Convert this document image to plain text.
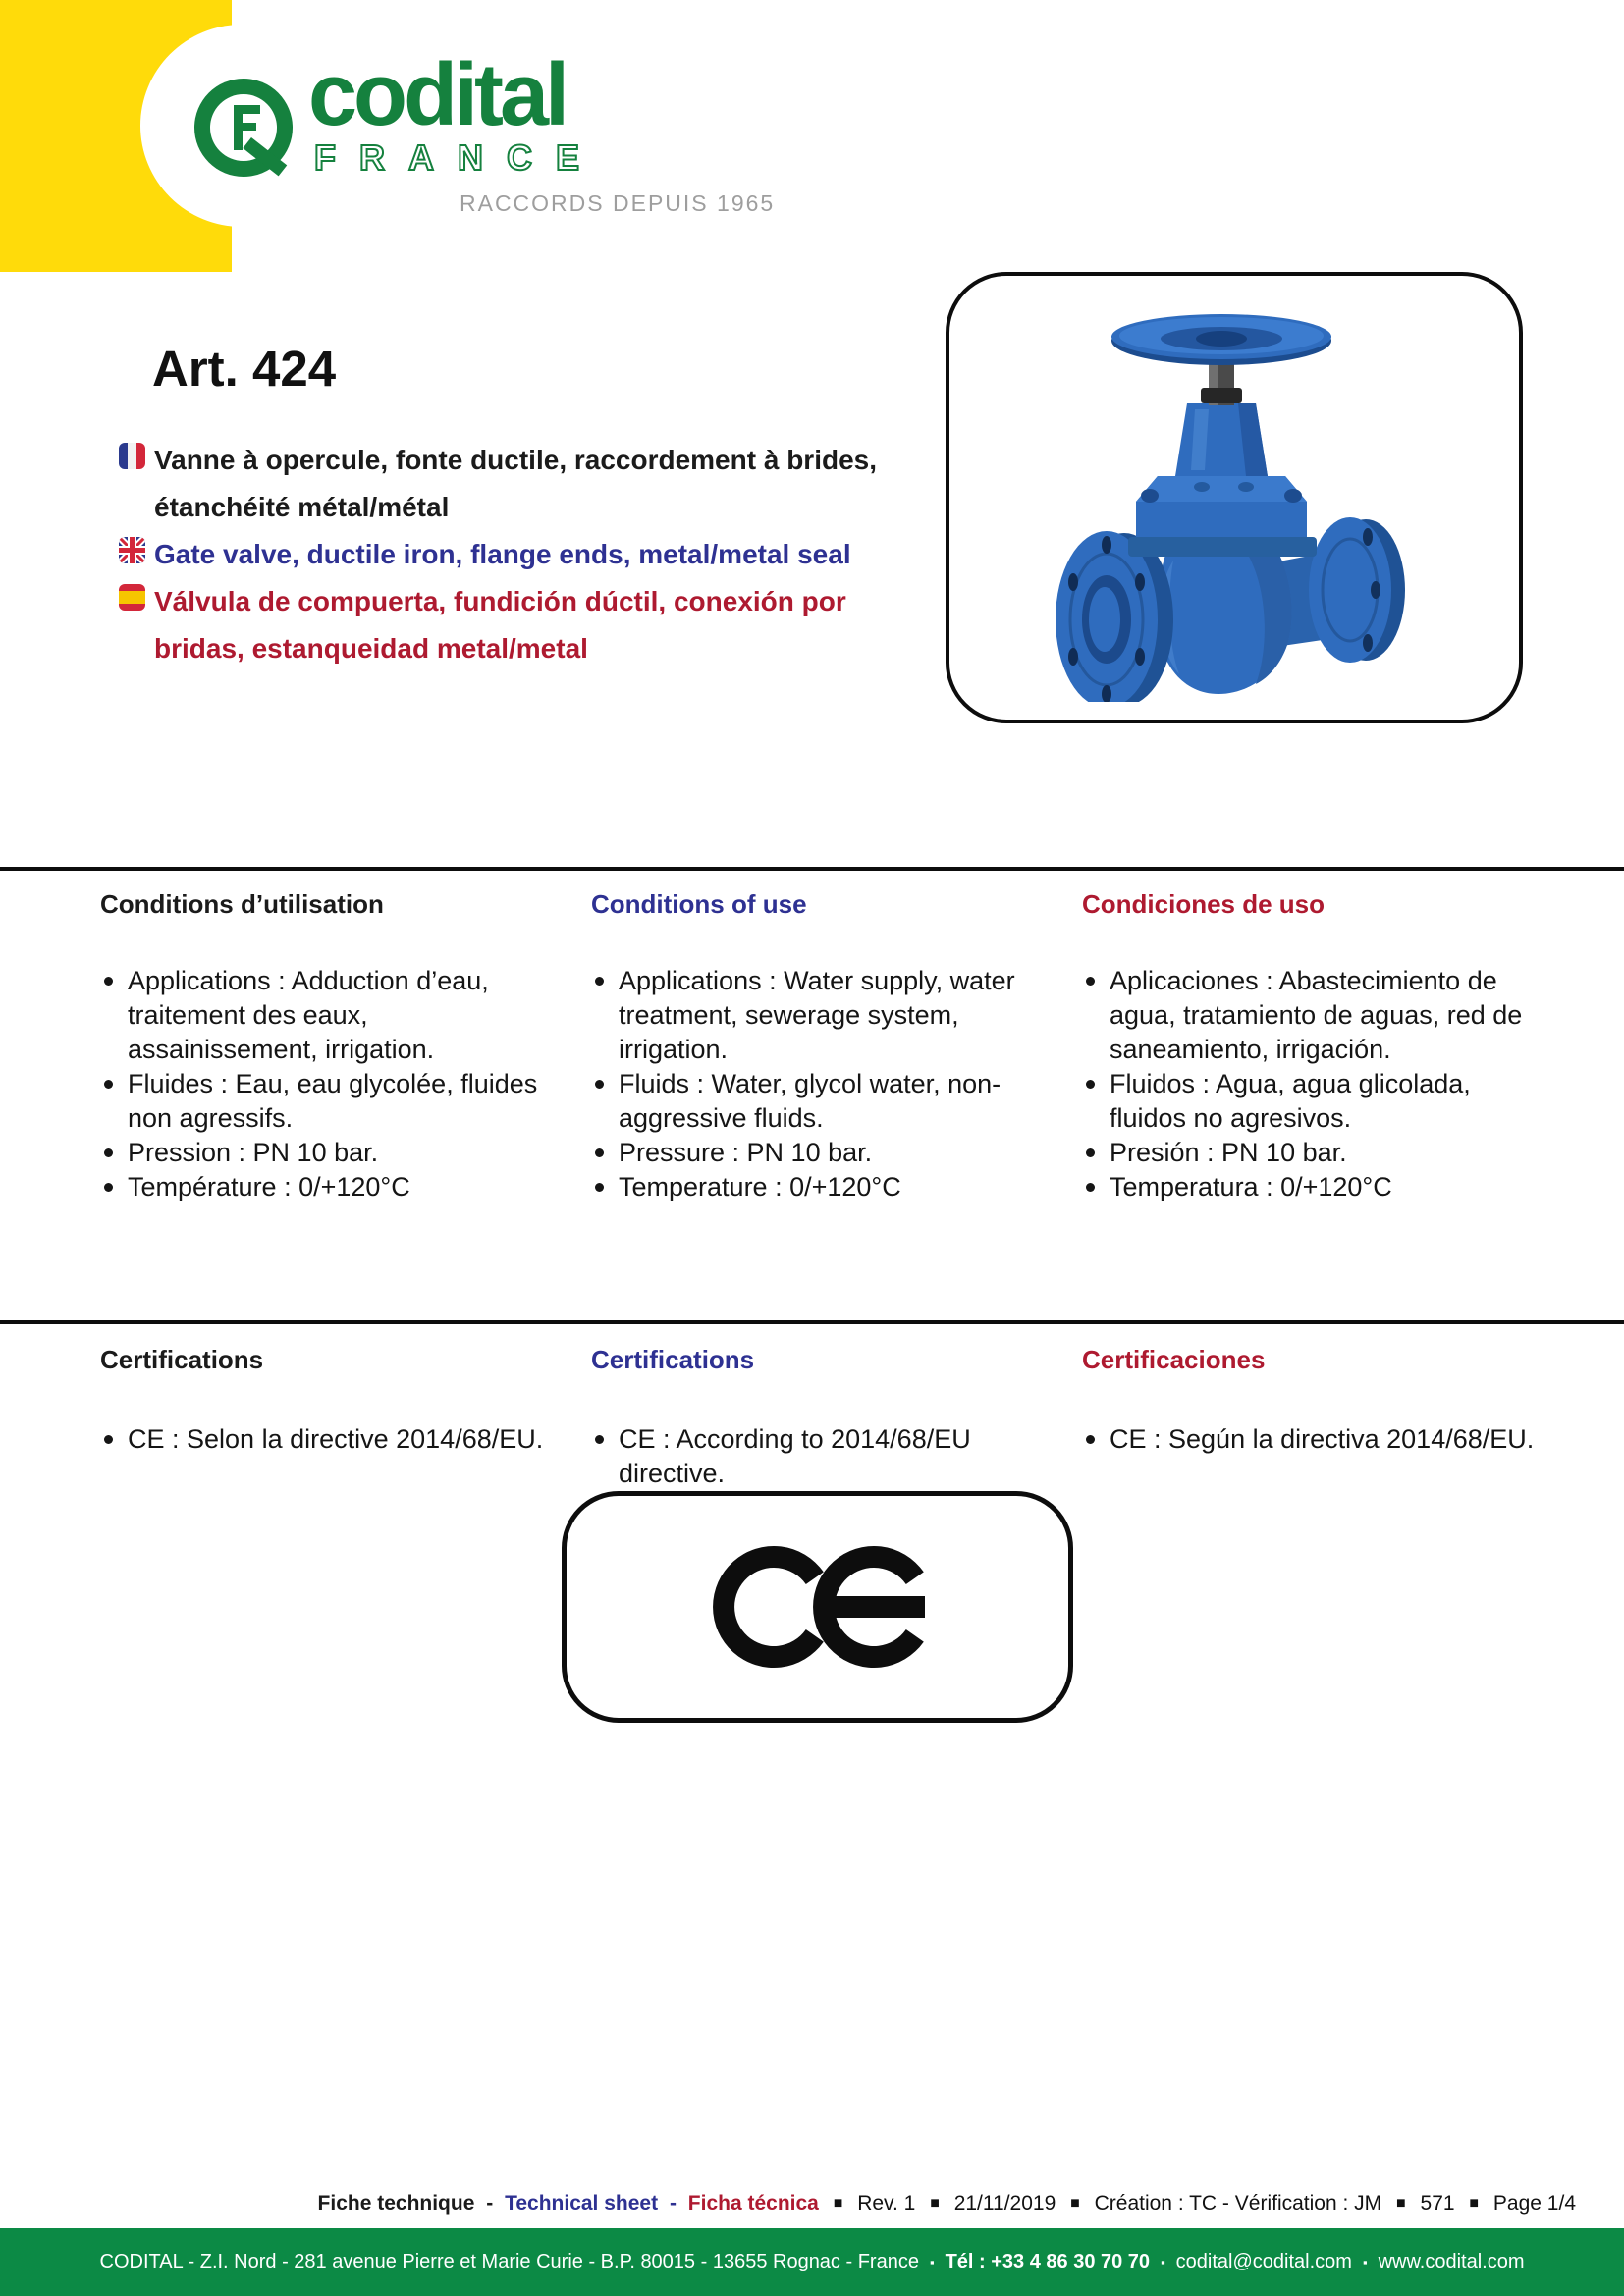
codital
FRANCE
RACCORDS DEPUIS 1965
Art. 424
Vanne à opercule, fonte ductile, raccordement à brides,
étanchéité métal/métal
Gate valve, ductile iron, flange ends, metal/metal seal
Válvula de compuerta, fundición dúctil, conexión por
bridas, estanqueidad metal/metal
Conditions d’utilisation
Applications : Adduction d’eau, traitement des eaux, assainissement, irrigation.
Fluides : Eau, eau glycolée, fluides non agressifs.
Pression : PN 10 bar.
Température : 0/+120°C
Conditions of use
Applications : Water supply, water treatment, sewerage system, irrigation.
Fluids : Water, glycol water, non-aggressive fluids.
Pressure : PN 10 bar.
Temperature : 0/+120°C
Condiciones de uso
Aplicaciones : Abastecimiento de agua, tratamiento de aguas, red de saneamiento, irrigación.
Fluidos : Agua, agua glicolada, fluidos no agresivos.
Presión : PN 10 bar.
Temperatura : 0/+120°C
Certifications
CE : Selon la directive 2014/68/EU.
Certifications
CE : According to 2014/68/EU directive.
Certificaciones
CE : Según la directiva 2014/68/EU.
Fiche technique - Technical sheet - Ficha técnica ■ Rev. 1 ■ 21/11/2019 ■ Création : TC - Vérification : JM ■ 571 ■ Page 1/4
CODITAL - Z.I. Nord - 281 avenue Pierre et Marie Curie - B.P. 80015 - 13655 Rognac - France ▪ Tél : +33 4 86 30 70 70 ▪ codital@codital.com ▪ www.codital.com
